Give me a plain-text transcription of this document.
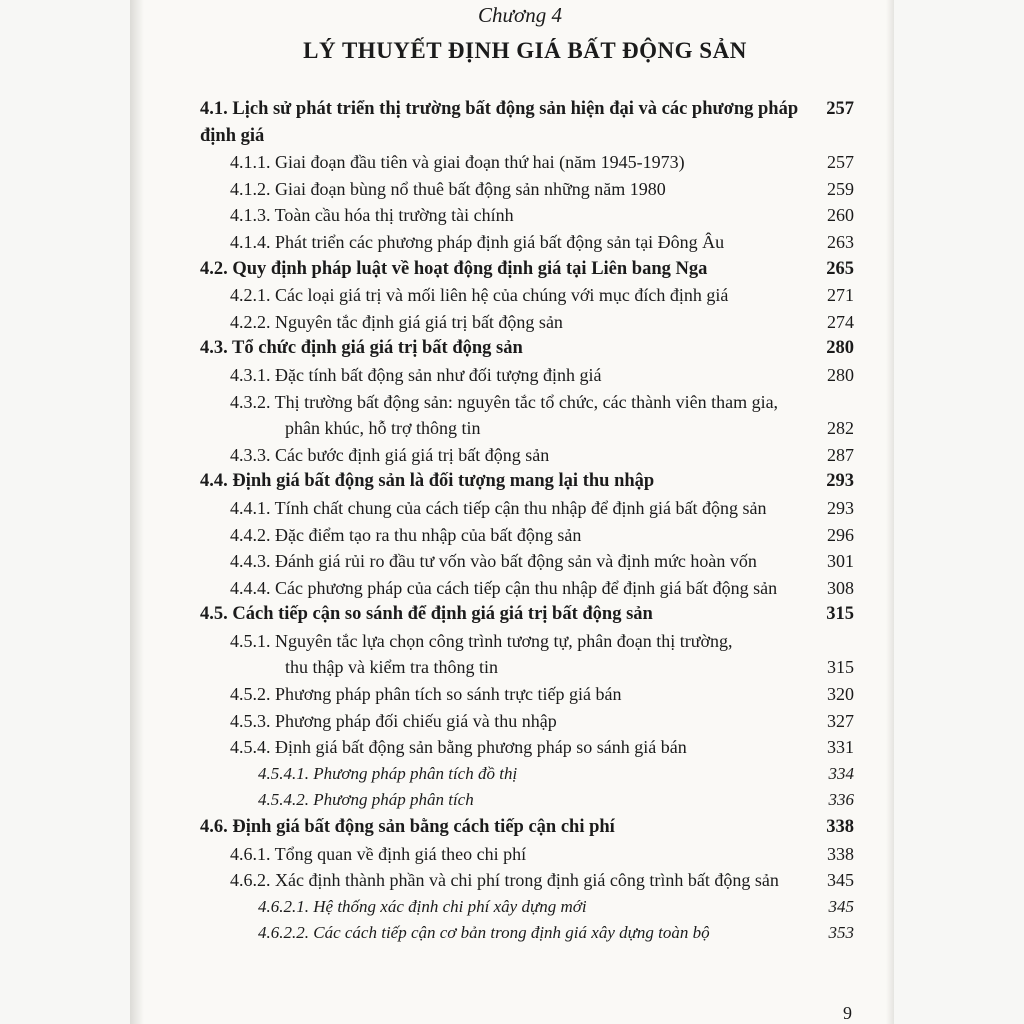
Chương 4
LÝ THUYẾT ĐỊNH GIÁ BẤT ĐỘNG SẢN
4.1. Lịch sử phát triển thị trường bất động sản hiện đại và các phương pháp 257
định giá
4.1.1. Giai đoạn đầu tiên và giai đoạn thứ hai (năm 1945-1973)	257
4.1.2. Giai đoạn bùng nổ thuê bất động sản những năm 1980	259
4.1.3. Toàn cầu hóa thị trường tài chính	260
4.1.4. Phát triển các phương pháp định giá bất động sản tại Đông Âu	263
4.2. Quy định pháp luật về hoạt động định giá tại Liên bang Nga	265
4.2.1. Các loại giá trị và mối liên hệ của chúng với mục đích định giá	271
4.2.2. Nguyên tắc định giá giá trị bất động sản	274
4.3. Tổ chức định giá giá trị bất động sản	280
4.3.1. Đặc tính bất động sản như đối tượng định giá	280
4.3.2. Thị trường bất động sản: nguyên tắc tổ chức, các thành viên tham gia,
phân khúc, hỗ trợ thông tin	282
4.3.3. Các bước định giá giá trị bất động sản	287
4.4. Định giá bất động sản là đối tượng mang lại thu nhập	293
4.4.1. Tính chất chung của cách tiếp cận thu nhập để định giá bất động sản	293
4.4.2. Đặc điểm tạo ra thu nhập của bất động sản	296
4.4.3. Đánh giá rủi ro đầu tư vốn vào bất động sản và định mức hoàn vốn	301
4.4.4. Các phương pháp của cách tiếp cận thu nhập để định giá bất động sản	308
4.5. Cách tiếp cận so sánh để định giá giá trị bất động sản	315
4.5.1. Nguyên tắc lựa chọn công trình tương tự, phân đoạn thị trường,
thu thập và kiểm tra thông tin	315
4.5.2. Phương pháp phân tích so sánh trực tiếp giá bán	320
4.5.3. Phương pháp đối chiếu giá và thu nhập	327
4.5.4. Định giá bất động sản bằng phương pháp so sánh giá bán	331
4.5.4.1. Phương pháp phân tích đồ thị	334
4.5.4.2. Phương pháp phân tích	336
4.6. Định giá bất động sản bằng cách tiếp cận chi phí	338
4.6.1. Tổng quan về định giá theo chi phí	338
4.6.2. Xác định thành phần và chi phí trong định giá công trình bất động sản	345
4.6.2.1. Hệ thống xác định chi phí xây dựng mới	345
4.6.2.2. Các cách tiếp cận cơ bản trong định giá xây dựng toàn bộ	353
9
